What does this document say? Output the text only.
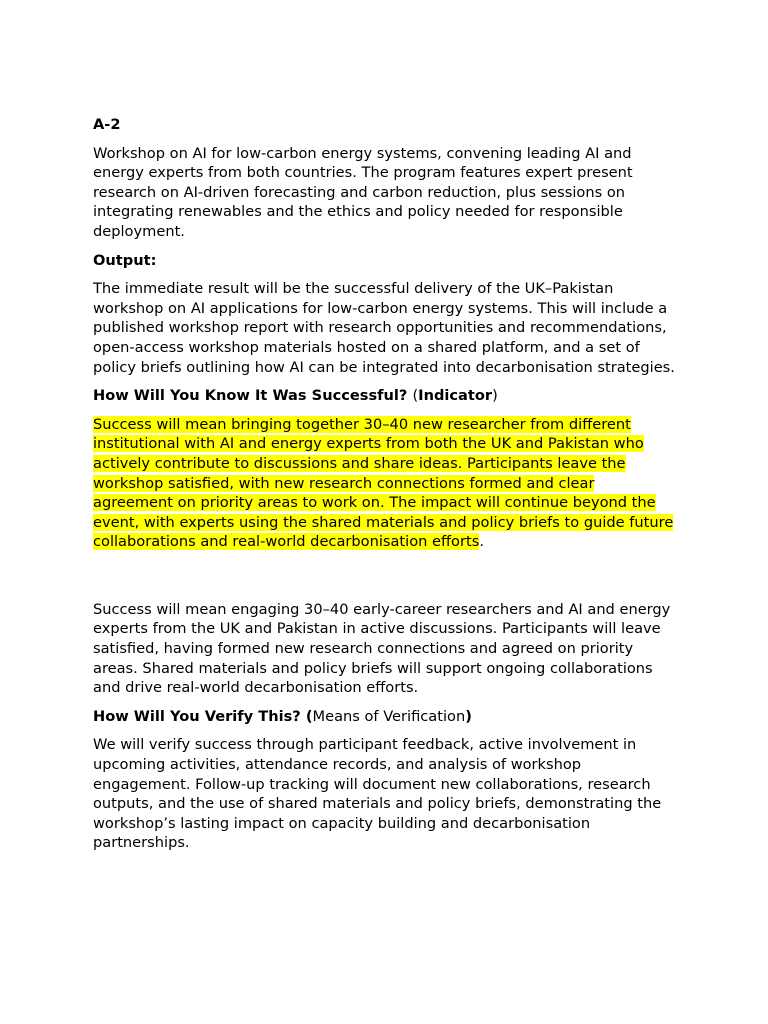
A-2

Workshop on AI for low-carbon energy systems, convening leading AI and energy experts from both countries. The program features expert present research on AI-driven forecasting and carbon reduction, plus sessions on integrating renewables and the ethics and policy needed for responsible deployment.

Output:

The immediate result will be the successful delivery of the UK–Pakistan workshop on AI applications for low-carbon energy systems. This will include a published workshop report with research opportunities and recommendations, open-access workshop materials hosted on a shared platform, and a set of policy briefs outlining how AI can be integrated into decarbonisation strategies.

How Will You Know It Was Successful? (Indicator)

Success will mean bringing together 30–40 new researcher from different institutional with AI and energy experts from both the UK and Pakistan who actively contribute to discussions and share ideas. Participants leave the workshop satisfied, with new research connections formed and clear agreement on priority areas to work on. The impact will continue beyond the event, with experts using the shared materials and policy briefs to guide future collaborations and real-world decarbonisation efforts.

Success will mean engaging 30–40 early-career researchers and AI and energy experts from the UK and Pakistan in active discussions. Participants will leave satisfied, having formed new research connections and agreed on priority areas. Shared materials and policy briefs will support ongoing collaborations and drive real-world decarbonisation efforts.

How Will You Verify This? (Means of Verification)

We will verify success through participant feedback, active involvement in upcoming activities, attendance records, and analysis of workshop engagement. Follow-up tracking will document new collaborations, research outputs, and the use of shared materials and policy briefs, demonstrating the workshop’s lasting impact on capacity building and decarbonisation partnerships.
